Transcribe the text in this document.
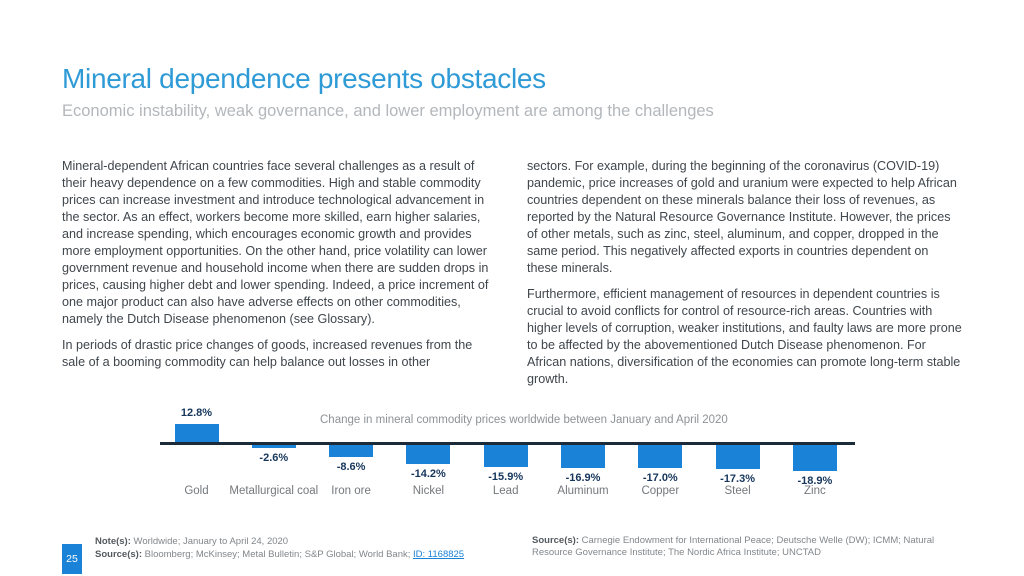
Mineral dependence presents obstacles
Economic instability, weak governance, and lower employment are among the challenges

Mineral-dependent African countries face several challenges as a result of their heavy dependence on a few commodities. High and stable commodity prices can increase investment and introduce technological advancement in the sector. As an effect, workers become more skilled, earn higher salaries, and increase spending, which encourages economic growth and provides more employment opportunities. On the other hand, price volatility can lower government revenue and household income when there are sudden drops in prices, causing higher debt and lower spending. Indeed, a price increment of one major product can also have adverse effects on other commodities, namely the Dutch Disease phenomenon (see Glossary).

In periods of drastic price changes of goods, increased revenues from the sale of a booming commodity can help balance out losses in other

sectors. For example, during the beginning of the coronavirus (COVID-19) pandemic, price increases of gold and uranium were expected to help African countries dependent on these minerals balance their loss of revenues, as reported by the Natural Resource Governance Institute. However, the prices of other metals, such as zinc, steel, aluminum, and copper, dropped in the same period. This negatively affected exports in countries dependent on these minerals.

Furthermore, efficient management of resources in dependent countries is crucial to avoid conflicts for control of resource-rich areas. Countries with higher levels of corruption, weaker institutions, and faulty laws are more prone to be affected by the abovementioned Dutch Disease phenomenon. For African nations, diversification of the economies can promote long-term stable growth.

Change in mineral commodity prices worldwide between January and April 2020
12.8%
Gold
-2.6%
Metallurgical coal
-8.6%
Iron ore
-14.2%
Nickel
-15.9%
Lead
-16.9%
Aluminum
-17.0%
Copper
-17.3%
Steel
-18.9%
Zinc
25
Note(s): Worldwide; January to April 24, 2020
Source(s): Bloomberg; McKinsey; Metal Bulletin; S&P Global; World Bank; ID: 1168825
Source(s): Carnegie Endowment for International Peace; Deutsche Welle (DW); ICMM; Natural Resource Governance Institute; The Nordic Africa Institute; UNCTAD
